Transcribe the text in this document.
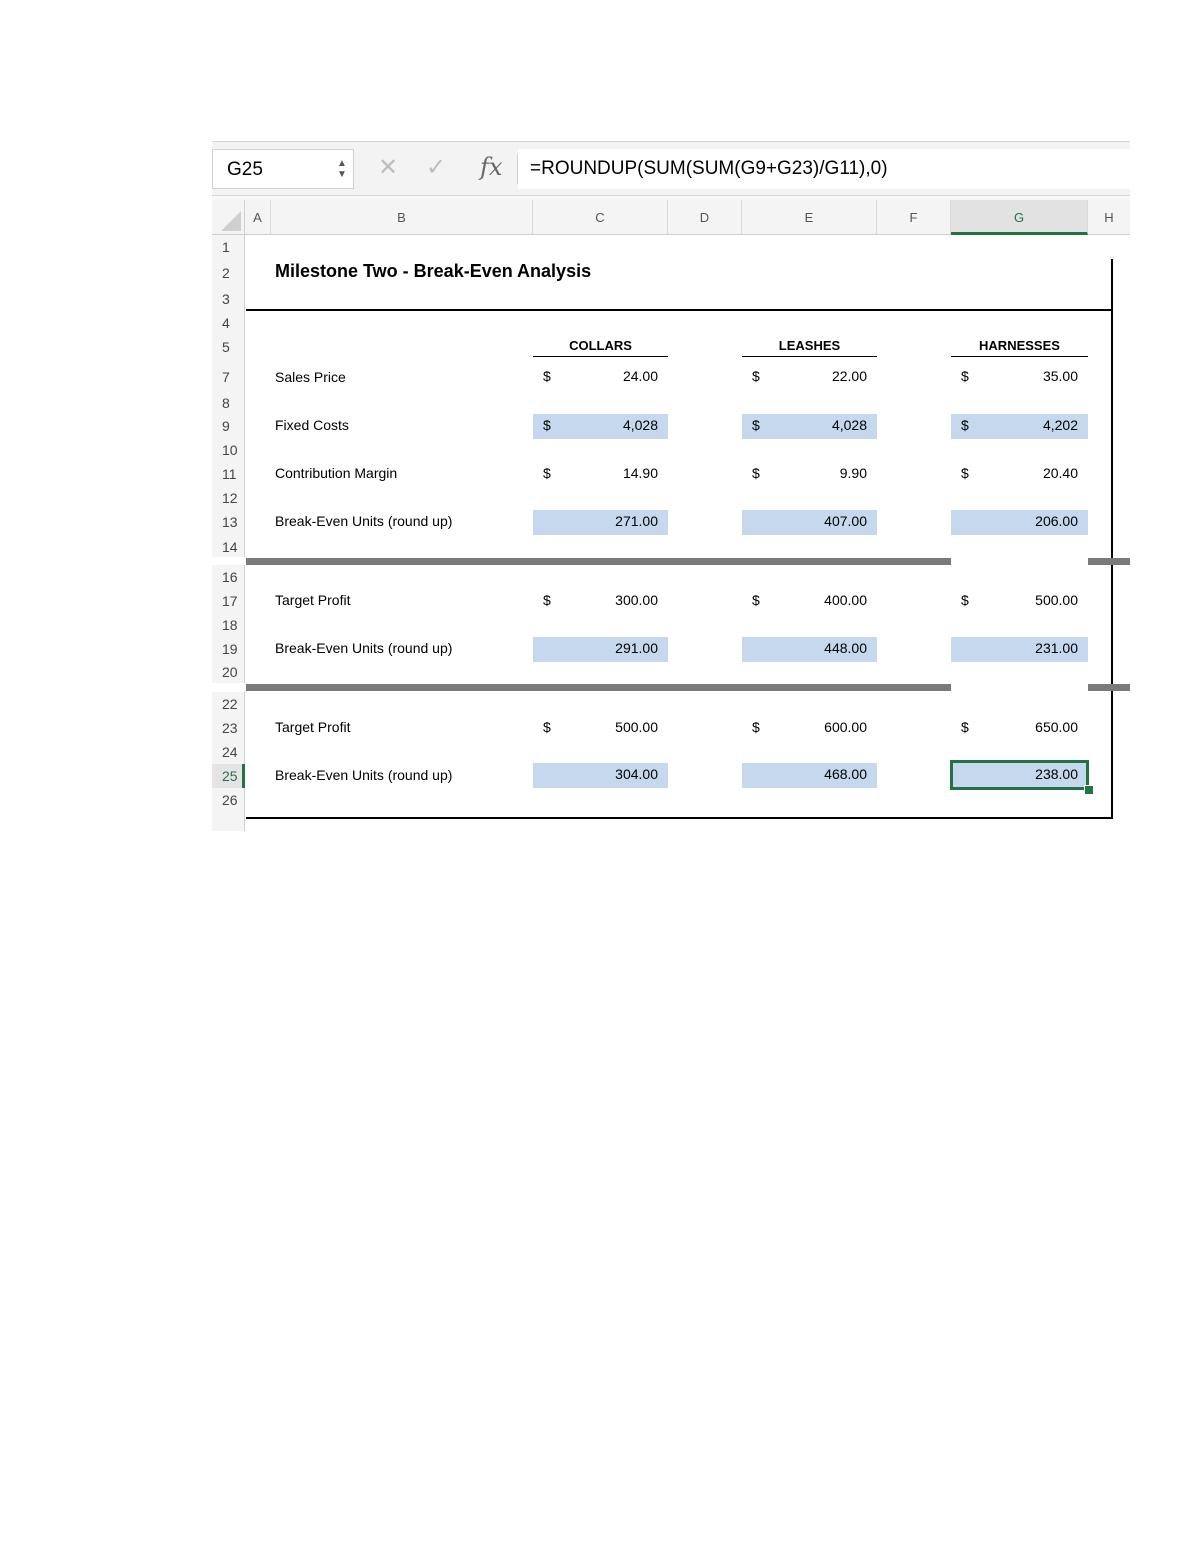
G25	▲
▼ ✕ ✓ fx	=ROUNDUP(SUM(SUM(G9+G23)/G11),0)
A	B	C	D	E	F	G	H
1
2
3
4
5
7
8
9
10
11
12
13
14
16
17
18
19
20
22
23
24
25
26
Milestone Two - Break-Even Analysis
COLLARS	LEASHES	HARNESSES
Sales Price	$	24.00	$	22.00	$	35.00
Fixed Costs	$	4,028	$	4,028	$	4,202
Contribution Margin	$	14.90	$	9.90	$	20.40
Break-Even Units (round up)	271.00	407.00	206.00
Target Profit	$	300.00	$	400.00	$	500.00
Break-Even Units (round up)	291.00	448.00	231.00
Target Profit	$	500.00	$	600.00	$	650.00
Break-Even Units (round up)	304.00	468.00	238.00
